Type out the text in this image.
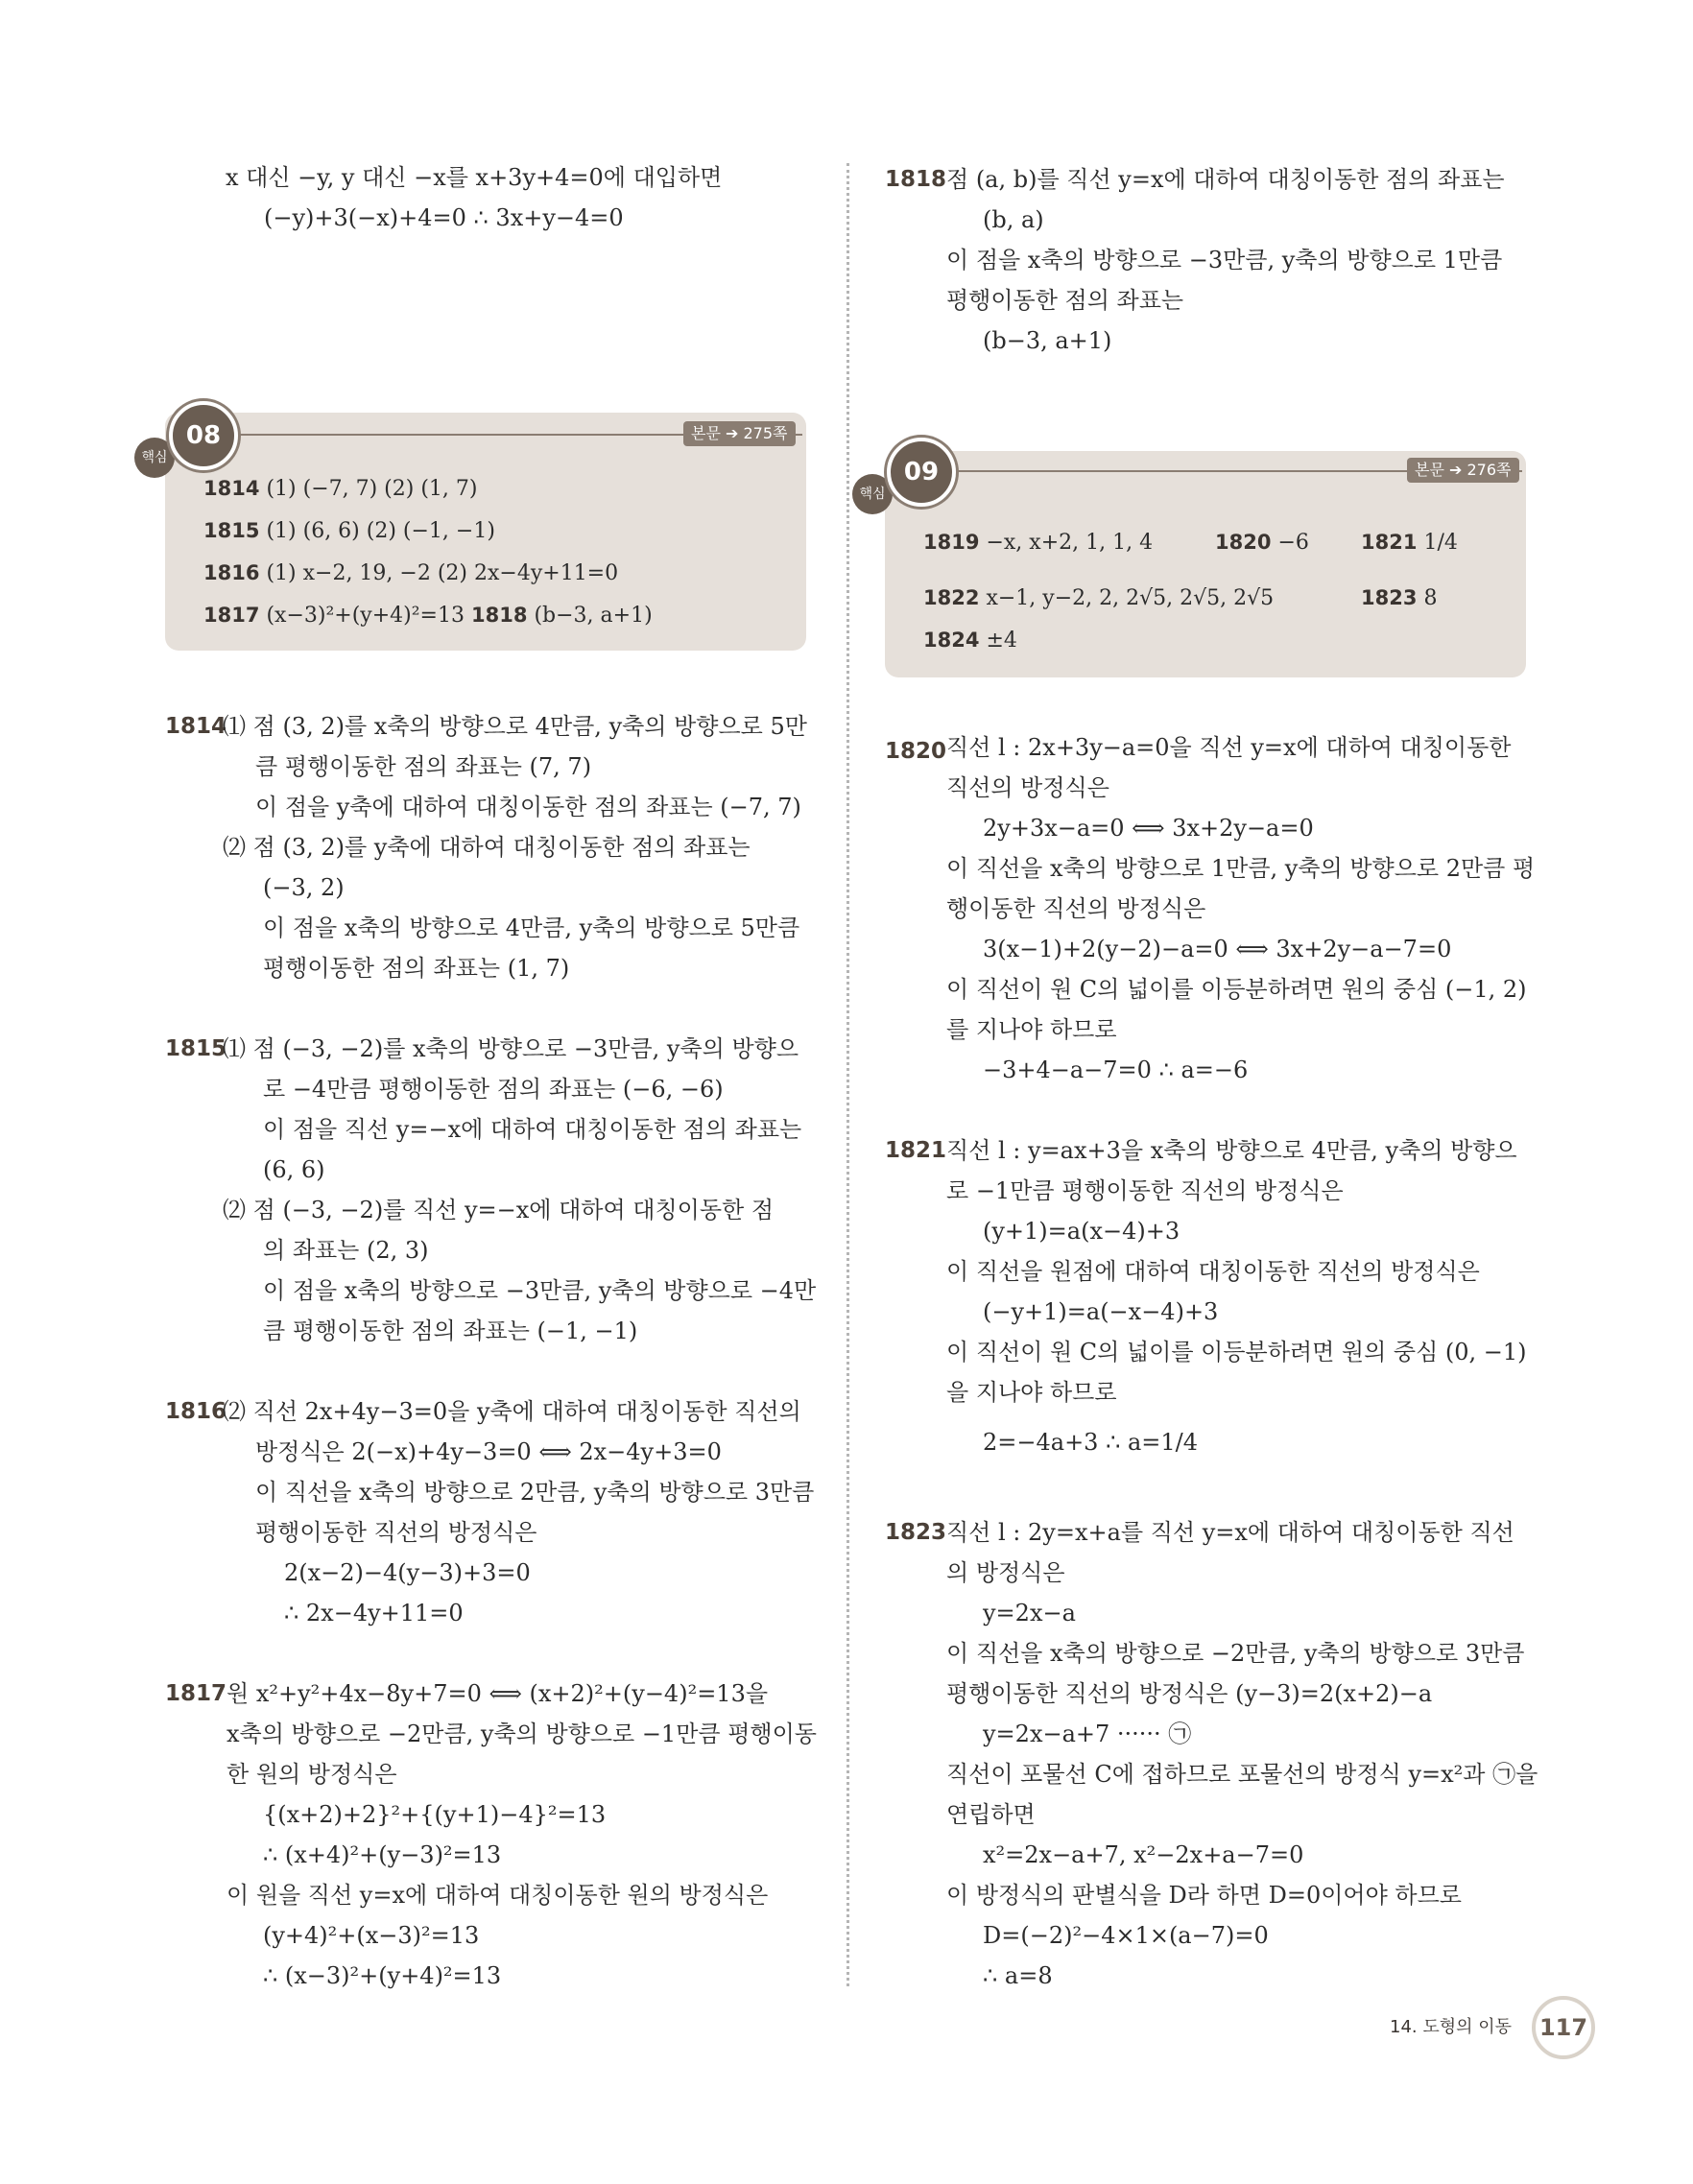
x 대신 −y, y 대신 −x를 x+3y+4=0에 대입하면
(−y)+3(−x)+4=0 ∴ 3x+y−4=0
핵심
08	본문 ➔ 275쪽
1814 (1) (−7, 7) (2) (1, 7)
1815 (1) (6, 6) (2) (−1, −1)
1816 (1) x−2, 19, −2 (2) 2x−4y+11=0
1817 (x−3)²+(y+4)²=13 1818 (b−3, a+1)
1814
⑴ 점 (3, 2)를 x축의 방향으로 4만큼, y축의 방향으로 5만
큼 평행이동한 점의 좌표는 (7, 7)
이 점을 y축에 대하여 대칭이동한 점의 좌표는 (−7, 7)
⑵ 점 (3, 2)를 y축에 대하여 대칭이동한 점의 좌표는
(−3, 2)
이 점을 x축의 방향으로 4만큼, y축의 방향으로 5만큼
평행이동한 점의 좌표는 (1, 7)
1815
⑴ 점 (−3, −2)를 x축의 방향으로 −3만큼, y축의 방향으
로 −4만큼 평행이동한 점의 좌표는 (−6, −6)
이 점을 직선 y=−x에 대하여 대칭이동한 점의 좌표는
(6, 6)
⑵ 점 (−3, −2)를 직선 y=−x에 대하여 대칭이동한 점
의 좌표는 (2, 3)
이 점을 x축의 방향으로 −3만큼, y축의 방향으로 −4만
큼 평행이동한 점의 좌표는 (−1, −1)
1816
⑵ 직선 2x+4y−3=0을 y축에 대하여 대칭이동한 직선의
방정식은 2(−x)+4y−3=0 ⟺ 2x−4y+3=0
이 직선을 x축의 방향으로 2만큼, y축의 방향으로 3만큼
평행이동한 직선의 방정식은
2(x−2)−4(y−3)+3=0
∴ 2x−4y+11=0
1817 원 x²+y²+4x−8y+7=0 ⟺ (x+2)²+(y−4)²=13을
x축의 방향으로 −2만큼, y축의 방향으로 −1만큼 평행이동
한 원의 방정식은
{(x+2)+2}²+{(y+1)−4}²=13
∴ (x+4)²+(y−3)²=13
이 원을 직선 y=x에 대하여 대칭이동한 원의 방정식은
(y+4)²+(x−3)²=13
∴ (x−3)²+(y+4)²=13
1818 점 (a, b)를 직선 y=x에 대하여 대칭이동한 점의 좌표는
(b, a)
이 점을 x축의 방향으로 −3만큼, y축의 방향으로 1만큼
평행이동한 점의 좌표는
(b−3, a+1)
핵심
09	본문 ➔ 276쪽
1819 −x, x+2, 1, 1, 4	1820 −6	1821 1/4
1822 x−1, y−2, 2, 2√5, 2√5, 2√5	1823 8
1824 ±4
1820 직선 l : 2x+3y−a=0을 직선 y=x에 대하여 대칭이동한
직선의 방정식은
2y+3x−a=0 ⟺ 3x+2y−a=0
이 직선을 x축의 방향으로 1만큼, y축의 방향으로 2만큼 평
행이동한 직선의 방정식은
3(x−1)+2(y−2)−a=0 ⟺ 3x+2y−a−7=0
이 직선이 원 C의 넓이를 이등분하려면 원의 중심 (−1, 2)
를 지나야 하므로
−3+4−a−7=0 ∴ a=−6
1821 직선 l : y=ax+3을 x축의 방향으로 4만큼, y축의 방향으
로 −1만큼 평행이동한 직선의 방정식은
(y+1)=a(x−4)+3
이 직선을 원점에 대하여 대칭이동한 직선의 방정식은
(−y+1)=a(−x−4)+3
이 직선이 원 C의 넓이를 이등분하려면 원의 중심 (0, −1)
을 지나야 하므로
2=−4a+3 ∴ a=1/4
1823 직선 l : 2y=x+a를 직선 y=x에 대하여 대칭이동한 직선
의 방정식은
y=2x−a
이 직선을 x축의 방향으로 −2만큼, y축의 방향으로 3만큼
평행이동한 직선의 방정식은 (y−3)=2(x+2)−a
y=2x−a+7 ······ ㉠
직선이 포물선 C에 접하므로 포물선의 방정식 y=x²과 ㉠을
연립하면
x²=2x−a+7, x²−2x+a−7=0
이 방정식의 판별식을 D라 하면 D=0이어야 하므로
D=(−2)²−4×1×(a−7)=0
∴ a=8
14. 도형의 이동	117
